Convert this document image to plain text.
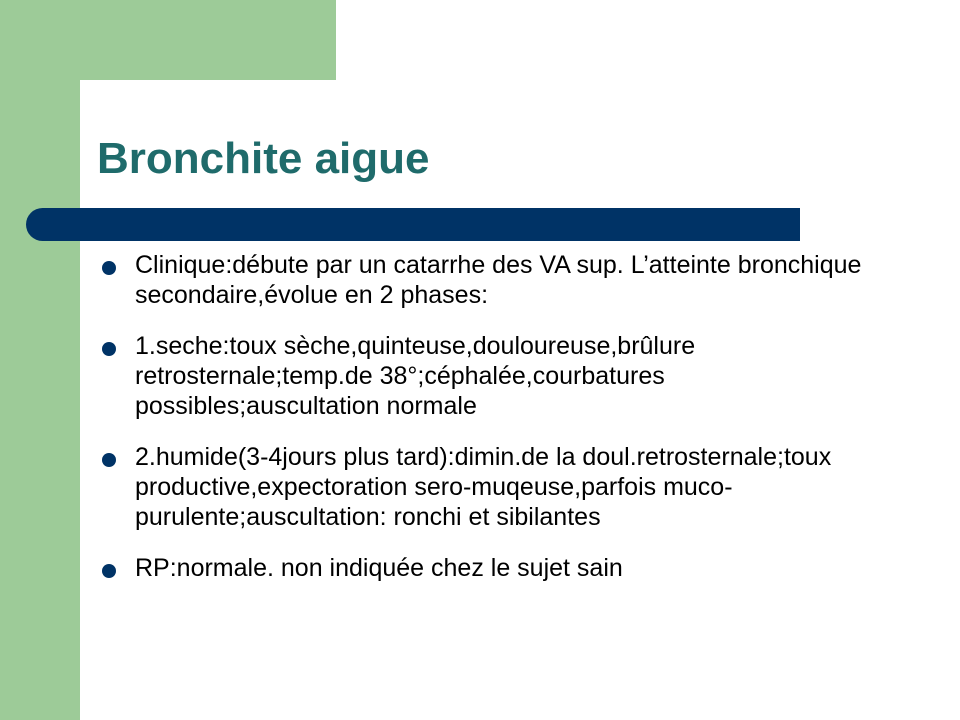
Bronchite aigue
Clinique:débute par un catarrhe des VA sup. L’atteinte bronchique secondaire,évolue en 2 phases:
1.seche:toux sèche,quinteuse,douloureuse,brûlure retrosternale;temp.de 38°;céphalée,courbatures possibles;auscultation normale
2.humide(3-4jours plus tard):dimin.de la doul.retrosternale;toux productive,expectoration sero-muqeuse,parfois muco-purulente;auscultation: ronchi et sibilantes
RP:normale. non indiquée chez le sujet sain
